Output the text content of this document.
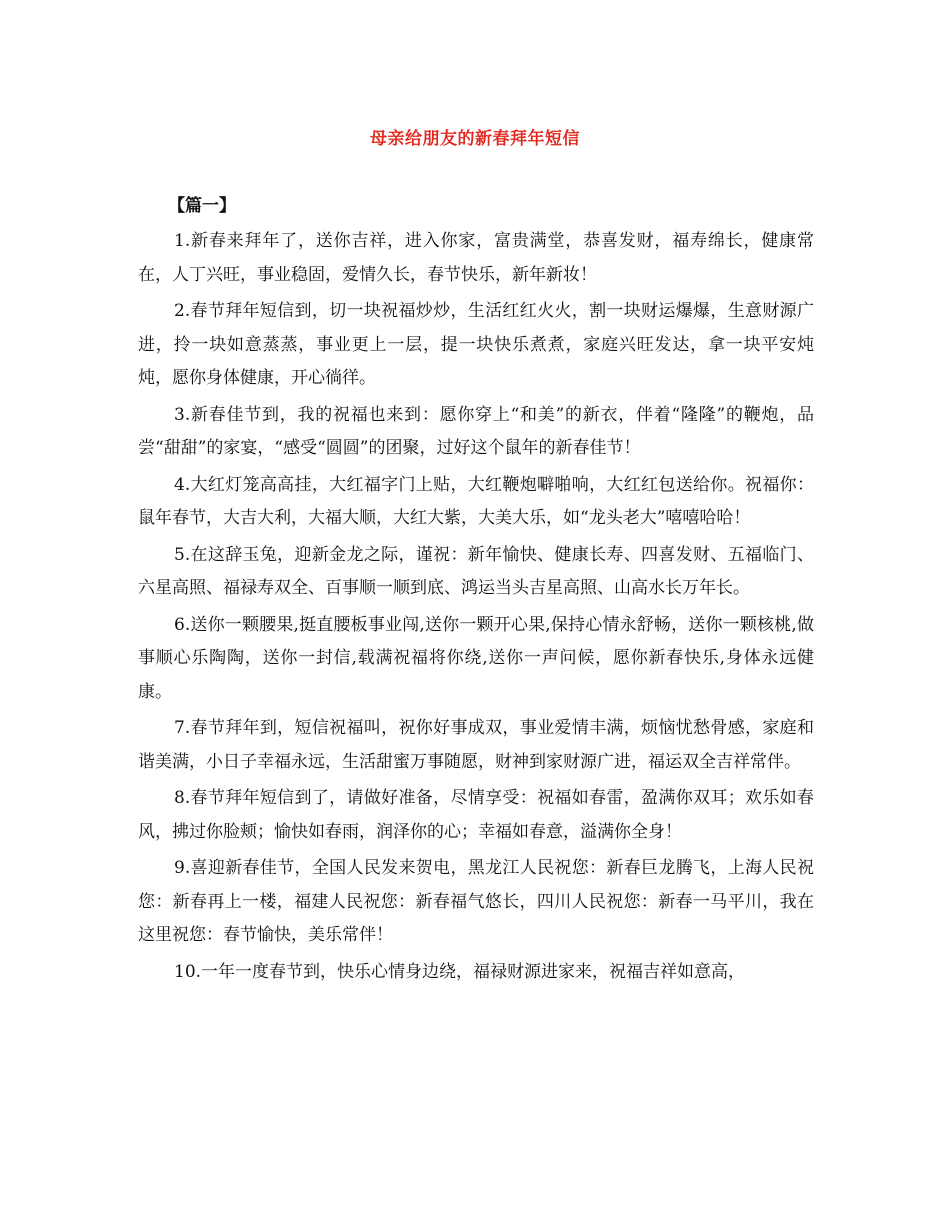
母亲给朋友的新春拜年短信
【篇一】

1.新春来拜年了，送你吉祥，进入你家，富贵满堂，恭喜发财，福寿绵长，健康常在，人丁兴旺，事业稳固，爱情久长，春节快乐，新年新妆！

2.春节拜年短信到，切一块祝福炒炒，生活红红火火，割一块财运爆爆，生意财源广进，拎一块如意蒸蒸，事业更上一层，提一块快乐煮煮，家庭兴旺发达，拿一块平安炖炖，愿你身体健康，开心徜徉。

3.新春佳节到，我的祝福也来到：愿你穿上“和美”的新衣，伴着“隆隆”的鞭炮，品尝“甜甜”的家宴，“感受“圆圆”的团聚，过好这个鼠年的新春佳节！

4.大红灯笼高高挂，大红福字门上贴，大红鞭炮噼啪响，大红红包送给你。祝福你：鼠年春节，大吉大利，大福大顺，大红大紫，大美大乐，如“龙头老大”嘻嘻哈哈！

5.在这辞玉兔，迎新金龙之际，谨祝：新年愉快、健康长寿、四喜发财、五福临门、六星高照、福禄寿双全、百事顺一顺到底、鸿运当头吉星高照、山高水长万年长。

6.送你一颗腰果,挺直腰板事业闯,送你一颗开心果,保持心情永舒畅，送你一颗核桃,做事顺心乐陶陶，送你一封信,载满祝福将你绕,送你一声问候，愿你新春快乐,身体永远健康。

7.春节拜年到，短信祝福叫，祝你好事成双，事业爱情丰满，烦恼忧愁骨感，家庭和谐美满，小日子幸福永远，生活甜蜜万事随愿，财神到家财源广进，福运双全吉祥常伴。

8.春节拜年短信到了，请做好准备，尽情享受：祝福如春雷，盈满你双耳；欢乐如春风，拂过你脸颊；愉快如春雨，润泽你的心；幸福如春意，溢满你全身！

9.喜迎新春佳节，全国人民发来贺电，黑龙江人民祝您：新春巨龙腾飞，上海人民祝您：新春再上一楼，福建人民祝您：新春福气悠长，四川人民祝您：新春一马平川，我在这里祝您：春节愉快，美乐常伴！

10.一年一度春节到，快乐心情身边绕，福禄财源进家来，祝福吉祥如意高，
